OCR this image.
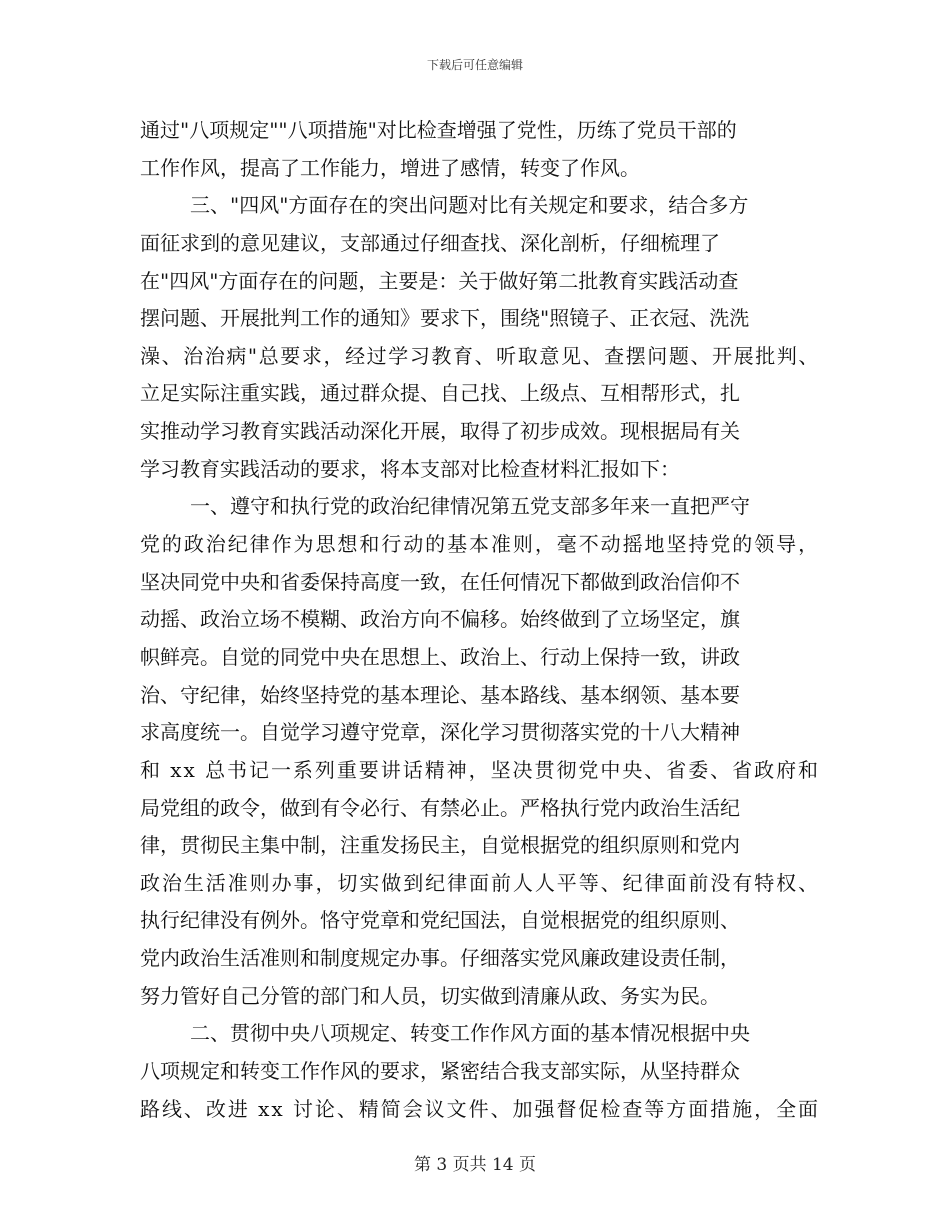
下载后可任意编辑
通过"八项规定""八项措施"对比检查增强了党性，历练了党员干部的
工作作风，提高了工作能力，增进了感情，转变了作风。
三、"四风"方面存在的突出问题对比有关规定和要求，结合多方
面征求到的意见建议，支部通过仔细查找、深化剖析，仔细梳理了
在"四风"方面存在的问题，主要是：关于做好第二批教育实践活动查
摆问题、开展批判工作的通知》要求下，围绕"照镜子、正衣冠、洗洗
澡、治治病"总要求，经过学习教育、听取意见、查摆问题、开展批判、
立足实际注重实践，通过群众提、自己找、上级点、互相帮形式，扎
实推动学习教育实践活动深化开展，取得了初步成效。现根据局有关
学习教育实践活动的要求，将本支部对比检查材料汇报如下：
一、遵守和执行党的政治纪律情况第五党支部多年来一直把严守
党的政治纪律作为思想和行动的基本准则，毫不动摇地坚持党的领导，
坚决同党中央和省委保持高度一致，在任何情况下都做到政治信仰不
动摇、政治立场不模糊、政治方向不偏移。始终做到了立场坚定，旗
帜鲜亮。自觉的同党中央在思想上、政治上、行动上保持一致，讲政
治、守纪律，始终坚持党的基本理论、基本路线、基本纲领、基本要
求高度统一。自觉学习遵守党章，深化学习贯彻落实党的十八大精神
和 xx 总书记一系列重要讲话精神，坚决贯彻党中央、省委、省政府和
局党组的政令，做到有令必行、有禁必止。严格执行党内政治生活纪
律，贯彻民主集中制，注重发扬民主，自觉根据党的组织原则和党内
政治生活准则办事，切实做到纪律面前人人平等、纪律面前没有特权、
执行纪律没有例外。恪守党章和党纪国法，自觉根据党的组织原则、
党内政治生活准则和制度规定办事。仔细落实党风廉政建设责任制，
努力管好自己分管的部门和人员，切实做到清廉从政、务实为民。
二、贯彻中央八项规定、转变工作作风方面的基本情况根据中央
八项规定和转变工作作风的要求，紧密结合我支部实际，从坚持群众
路线、改进 xx 讨论、精简会议文件、加强督促检查等方面措施，全面
第 3 页共 14 页
